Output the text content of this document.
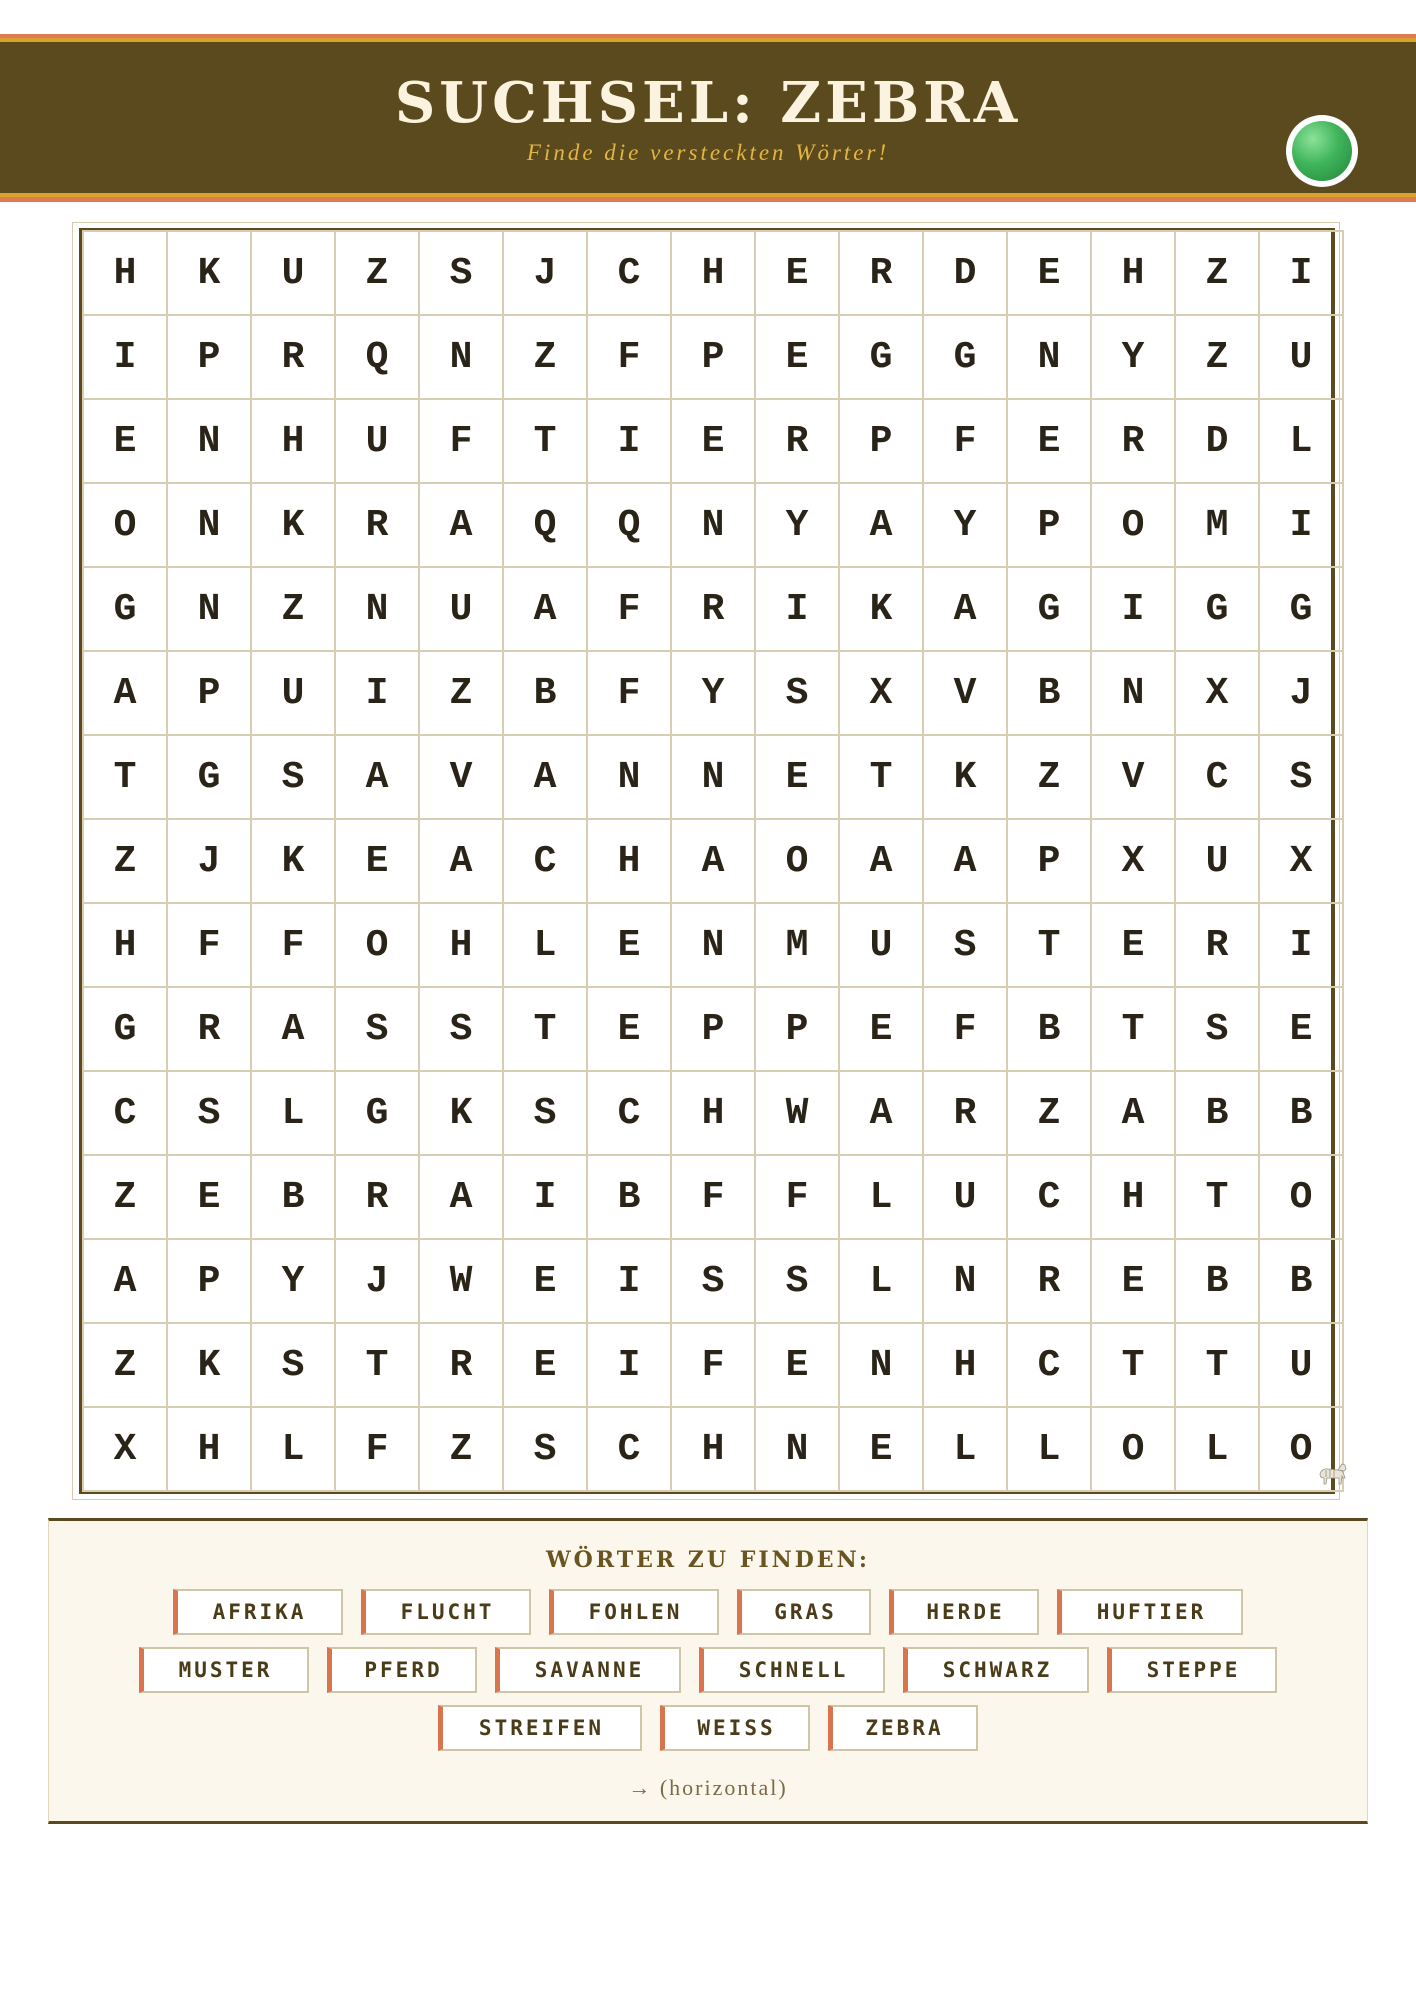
SUCHSEL: ZEBRA
Finde die versteckten Wörter!
H	K	U	Z	S	J	C	H	E	R	D	E	H	Z	I
I	P	R	Q	N	Z	F	P	E	G	G	N	Y	Z	U
E	N	H	U	F	T	I	E	R	P	F	E	R	D	L
O	N	K	R	A	Q	Q	N	Y	A	Y	P	O	M	I
G	N	Z	N	U	A	F	R	I	K	A	G	I	G	G
A	P	U	I	Z	B	F	Y	S	X	V	B	N	X	J
T	G	S	A	V	A	N	N	E	T	K	Z	V	C	S
Z	J	K	E	A	C	H	A	O	A	A	P	X	U	X
H	F	F	O	H	L	E	N	M	U	S	T	E	R	I
G	R	A	S	S	T	E	P	P	E	F	B	T	S	E
C	S	L	G	K	S	C	H	W	A	R	Z	A	B	B
Z	E	B	R	A	I	B	F	F	L	U	C	H	T	O
A	P	Y	J	W	E	I	S	S	L	N	R	E	B	B
Z	K	S	T	R	E	I	F	E	N	H	C	T	T	U
X	H	L	F	Z	S	C	H	N	E	L	L	O	L	O
WÖRTER ZU FINDEN:
AFRIKA	FLUCHT	FOHLEN	GRAS	HERDE	HUFTIER
MUSTER	PFERD	SAVANNE	SCHNELL	SCHWARZ	STEPPE
STREIFEN	WEISS	ZEBRA
→ (horizontal)
